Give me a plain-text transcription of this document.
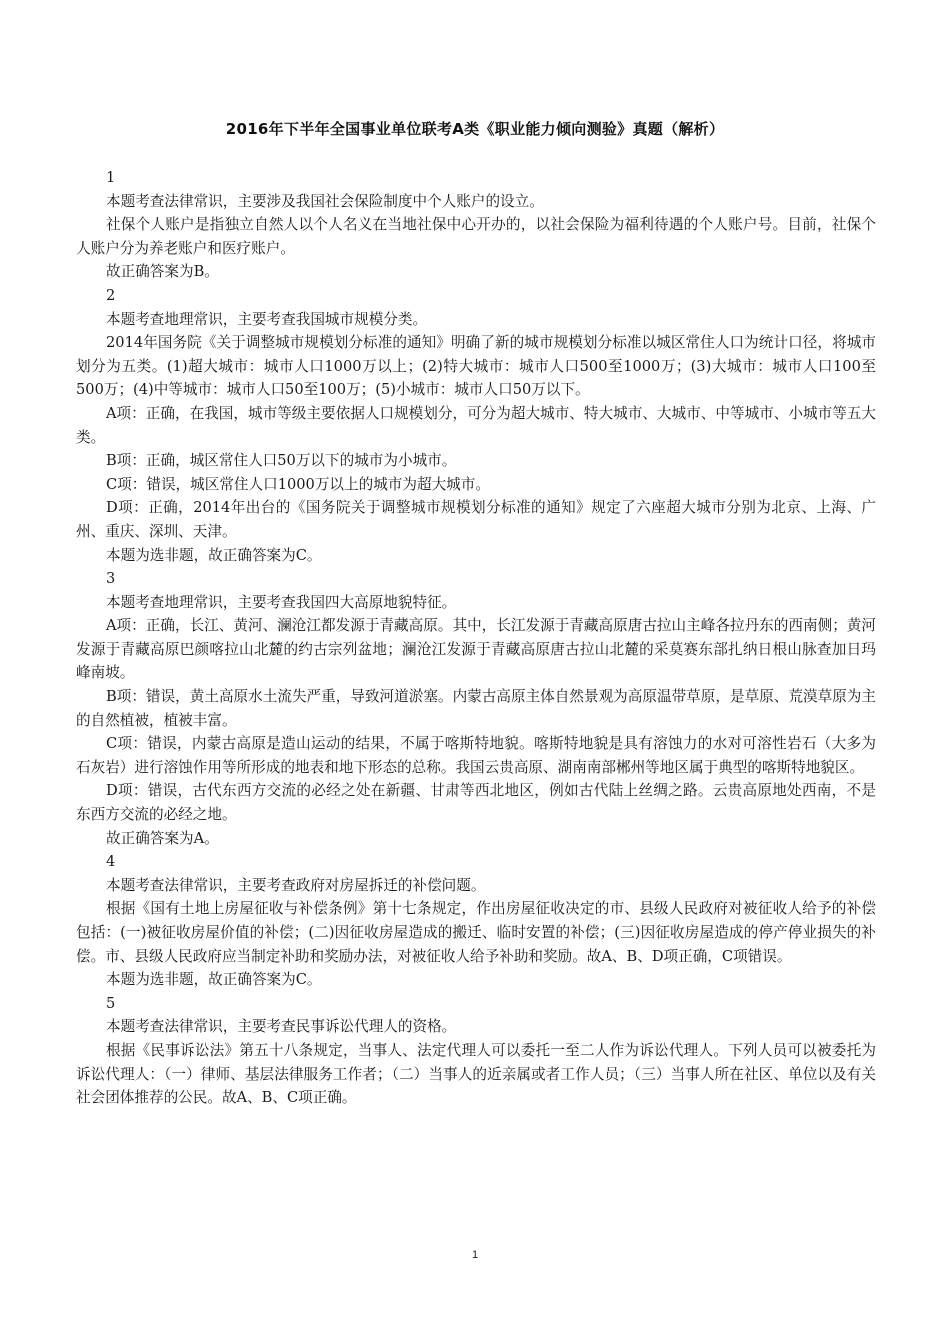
2016年下半年全国事业单位联考A类《职业能力倾向测验》真题（解析）

1

本题考查法律常识，主要涉及我国社会保险制度中个人账户的设立。

社保个人账户是指独立自然人以个人名义在当地社保中心开办的，以社会保险为福利待遇的个人账户号。目前，社保个人账户分为养老账户和医疗账户。

故正确答案为B。

2

本题考查地理常识，主要考查我国城市规模分类。

2014年国务院《关于调整城市规模划分标准的通知》明确了新的城市规模划分标准以城区常住人口为统计口径，将城市划分为五类。(1)超大城市：城市人口1000万以上；(2)特大城市：城市人口500至1000万；(3)大城市：城市人口100至500万；(4)中等城市：城市人口50至100万；(5)小城市：城市人口50万以下。

A项：正确，在我国，城市等级主要依据人口规模划分，可分为超大城市、特大城市、大城市、中等城市、小城市等五大类。

B项：正确，城区常住人口50万以下的城市为小城市。

C项：错误，城区常住人口1000万以上的城市为超大城市。

D项：正确，2014年出台的《国务院关于调整城市规模划分标准的通知》规定了六座超大城市分别为北京、上海、广州、重庆、深圳、天津。

本题为选非题，故正确答案为C。

3

本题考查地理常识，主要考查我国四大高原地貌特征。

A项：正确，长江、黄河、澜沧江都发源于青藏高原。其中，长江发源于青藏高原唐古拉山主峰各拉丹东的西南侧；黄河发源于青藏高原巴颜喀拉山北麓的约古宗列盆地；澜沧江发源于青藏高原唐古拉山北麓的采莫赛东部扎纳日根山脉查加日玛峰南坡。

B项：错误，黄土高原水土流失严重，导致河道淤塞。内蒙古高原主体自然景观为高原温带草原，是草原、荒漠草原为主的自然植被，植被丰富。

C项：错误，内蒙古高原是造山运动的结果，不属于喀斯特地貌。喀斯特地貌是具有溶蚀力的水对可溶性岩石（大多为石灰岩）进行溶蚀作用等所形成的地表和地下形态的总称。我国云贵高原、湖南南部郴州等地区属于典型的喀斯特地貌区。

D项：错误，古代东西方交流的必经之处在新疆、甘肃等西北地区，例如古代陆上丝绸之路。云贵高原地处西南，不是东西方交流的必经之地。

故正确答案为A。

4

本题考查法律常识，主要考查政府对房屋拆迁的补偿问题。

根据《国有土地上房屋征收与补偿条例》第十七条规定，作出房屋征收决定的市、县级人民政府对被征收人给予的补偿包括：(一)被征收房屋价值的补偿；(二)因征收房屋造成的搬迁、临时安置的补偿；(三)因征收房屋造成的停产停业损失的补偿。市、县级人民政府应当制定补助和奖励办法，对被征收人给予补助和奖励。故A、B、D项正确，C项错误。

本题为选非题，故正确答案为C。

5

本题考查法律常识，主要考查民事诉讼代理人的资格。

根据《民事诉讼法》第五十八条规定，当事人、法定代理人可以委托一至二人作为诉讼代理人。下列人员可以被委托为诉讼代理人：（一）律师、基层法律服务工作者；（二）当事人的近亲属或者工作人员；（三）当事人所在社区、单位以及有关社会团体推荐的公民。故A、B、C项正确。

1
